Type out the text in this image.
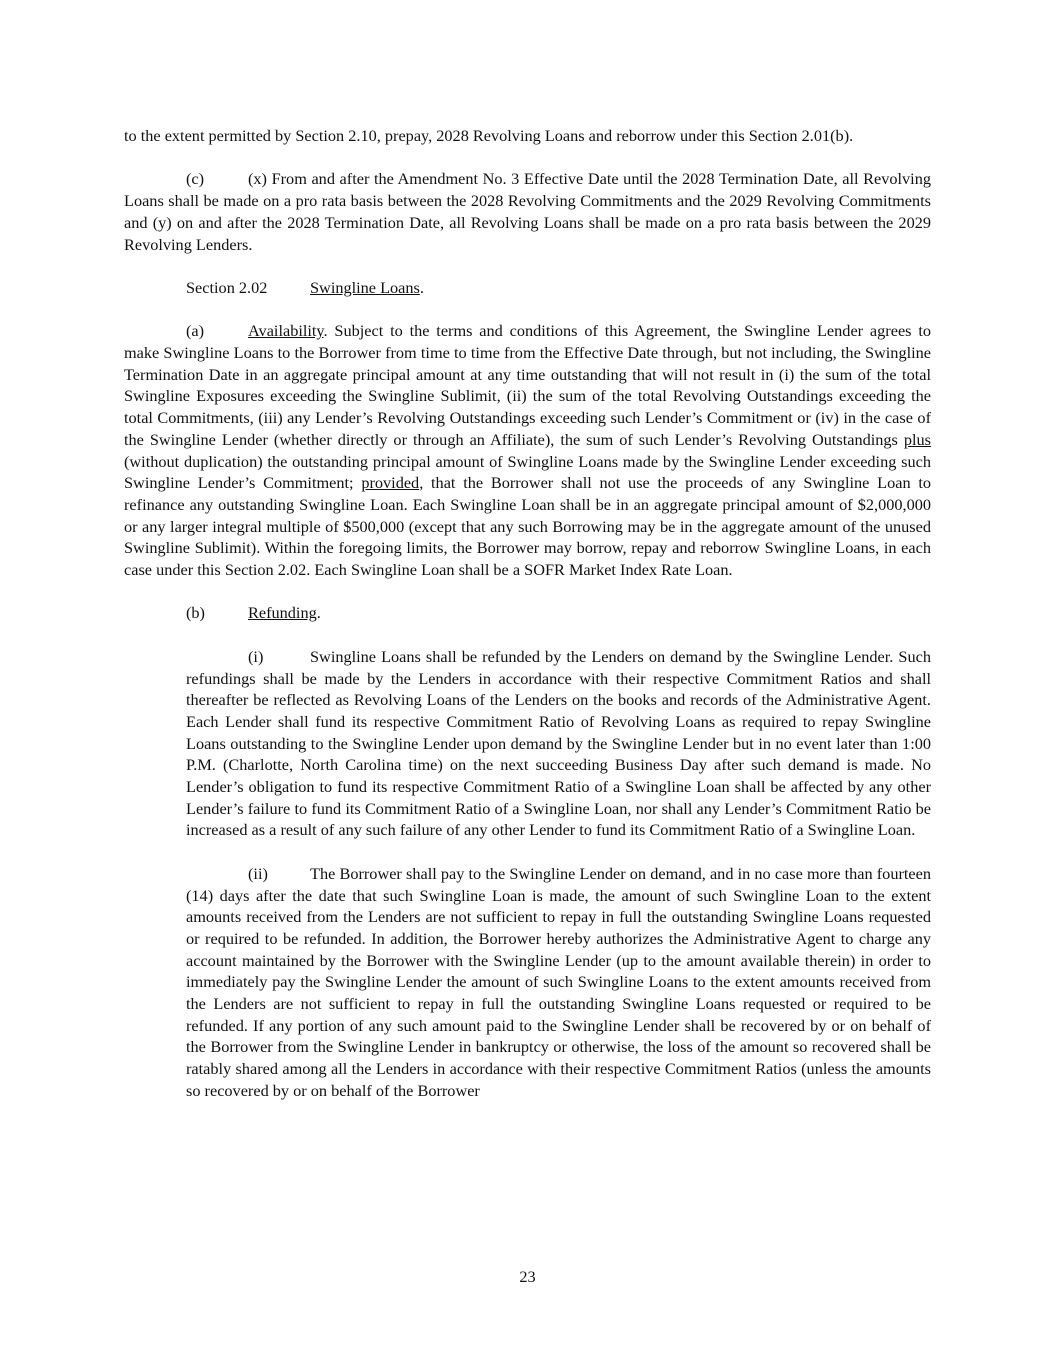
to the extent permitted by Section 2.10, prepay, 2028 Revolving Loans and reborrow under this Section 2.01(b).

(c)	(x) From and after the Amendment No. 3 Effective Date until the 2028 Termination Date, all Revolving Loans shall be made on a pro rata basis between the 2028 Revolving Commitments and the 2029 Revolving Commitments and (y) on and after the 2028 Termination Date, all Revolving Loans shall be made on a pro rata basis between the 2029 Revolving Lenders.

Section 2.02	Swingline Loans.

(a)	Availability. Subject to the terms and conditions of this Agreement, the Swingline Lender agrees to make Swingline Loans to the Borrower from time to time from the Effective Date through, but not including, the Swingline Termination Date in an aggregate principal amount at any time outstanding that will not result in (i) the sum of the total Swingline Exposures exceeding the Swingline Sublimit, (ii) the sum of the total Revolving Outstandings exceeding the total Commitments, (iii) any Lender’s Revolving Outstandings exceeding such Lender’s Commitment or (iv) in the case of the Swingline Lender (whether directly or through an Affiliate), the sum of such Lender’s Revolving Outstandings plus (without duplication) the outstanding principal amount of Swingline Loans made by the Swingline Lender exceeding such Swingline Lender’s Commitment; provided, that the Borrower shall not use the proceeds of any Swingline Loan to refinance any outstanding Swingline Loan. Each Swingline Loan shall be in an aggregate principal amount of $2,000,000 or any larger integral multiple of $500,000 (except that any such Borrowing may be in the aggregate amount of the unused Swingline Sublimit). Within the foregoing limits, the Borrower may borrow, repay and reborrow Swingline Loans, in each case under this Section 2.02. Each Swingline Loan shall be a SOFR Market Index Rate Loan.

(b)	Refunding.

(i)	Swingline Loans shall be refunded by the Lenders on demand by the Swingline Lender. Such refundings shall be made by the Lenders in accordance with their respective Commitment Ratios and shall thereafter be reflected as Revolving Loans of the Lenders on the books and records of the Administrative Agent. Each Lender shall fund its respective Commitment Ratio of Revolving Loans as required to repay Swingline Loans outstanding to the Swingline Lender upon demand by the Swingline Lender but in no event later than 1:00 P.M. (Charlotte, North Carolina time) on the next succeeding Business Day after such demand is made. No Lender’s obligation to fund its respective Commitment Ratio of a Swingline Loan shall be affected by any other Lender’s failure to fund its Commitment Ratio of a Swingline Loan, nor shall any Lender’s Commitment Ratio be increased as a result of any such failure of any other Lender to fund its Commitment Ratio of a Swingline Loan.

(ii)	The Borrower shall pay to the Swingline Lender on demand, and in no case more than fourteen (14) days after the date that such Swingline Loan is made, the amount of such Swingline Loan to the extent amounts received from the Lenders are not sufficient to repay in full the outstanding Swingline Loans requested or required to be refunded. In addition, the Borrower hereby authorizes the Administrative Agent to charge any account maintained by the Borrower with the Swingline Lender (up to the amount available therein) in order to immediately pay the Swingline Lender the amount of such Swingline Loans to the extent amounts received from the Lenders are not sufficient to repay in full the outstanding Swingline Loans requested or required to be refunded. If any portion of any such amount paid to the Swingline Lender shall be recovered by or on behalf of the Borrower from the Swingline Lender in bankruptcy or otherwise, the loss of the amount so recovered shall be ratably shared among all the Lenders in accordance with their respective Commitment Ratios (unless the amounts so recovered by or on behalf of the Borrower

23
